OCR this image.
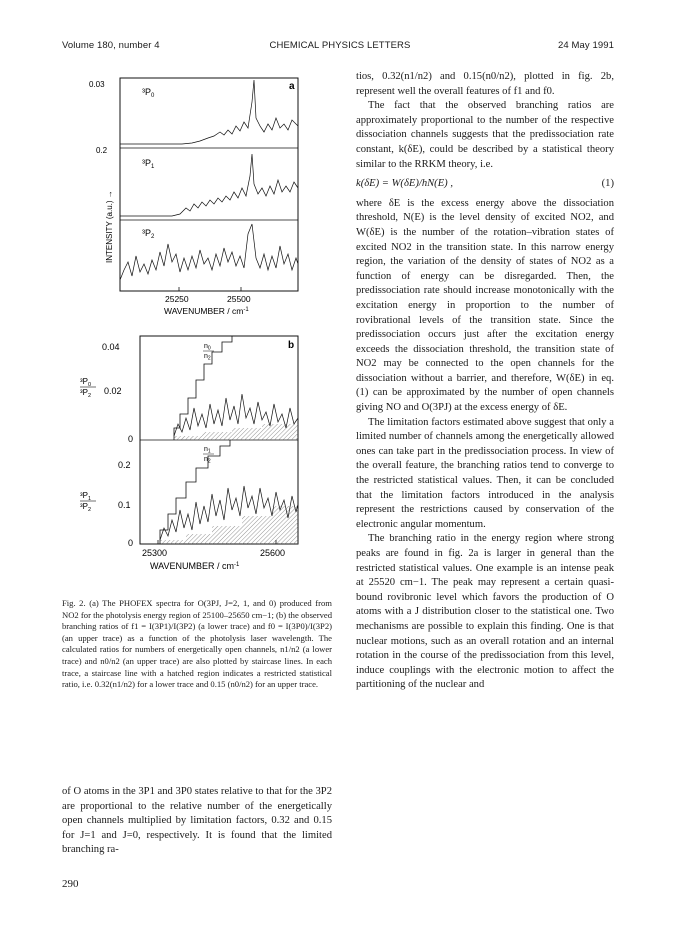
Volume 180, number 4	CHEMICAL PHYSICS LETTERS	24 May 1991
0.03
0.2
a
$^3P_0$
$^3P_1$
$^3P_2$
25250	25500
WAVENUMBER / $cm^{-1}$
INTENSITY (a.u.) →
0.04
0.02
0
0.2
0.1
0
b
$^3P_0$
$^3P_2$
$^3P_1$
$^3P_2$
$n_0$
$n_2$
$n_1$
$n_2$
25300	25600
WAVENUMBER / $cm^{-1}$
Fig. 2. (a) The PHOFEX spectra for O(3PJ, J=2, 1, and 0) produced from NO2 for the photolysis energy region of 25100–25650 cm−1; (b) the observed branching ratios of f1 = I(3P1)/I(3P2) (a lower trace) and f0 = I(3P0)/I(3P2) (an upper trace) as a function of the photolysis laser wavelength. The calculated ratios for numbers of energetically open channels, n1/n2 (a lower trace) and n0/n2 (an upper trace) are also plotted by staircase lines. In each trace, a staircase line with a hatched region indicates a restricted statistical ratio, i.e. 0.32(n1/n2) for a lower trace and 0.15 (n0/n2) for an upper trace.

of O atoms in the 3P1 and 3P0 states relative to that for the 3P2 are proportional to the relative number of the energetically open channels multiplied by limitation factors, 0.32 and 0.15 for J=1 and J=0, respectively. It is found that the limited branching ra-

tios, 0.32(n1/n2) and 0.15(n0/n2), plotted in fig. 2b, represent well the overall features of f1 and f0.

The fact that the observed branching ratios are approximately proportional to the number of the respective dissociation channels suggests that the predissociation rate constant, k(δE), could be described by a statistical theory similar to the RRKM theory, i.e.

k(δE) = W(δE)/hN(E) ,	(1)

where δE is the excess energy above the dissociation threshold, N(E) is the level density of excited NO2, and W(δE) is the number of the rotation–vibration states of excited NO2 in the transition state. In this narrow energy region, the variation of the density of states of NO2 as a function of energy can be disregarded. Then, the predissociation rate should increase monotonically with the excitation energy in proportion to the number of rovibrational levels of the transition state. Since the predissociation occurs just after the excitation energy exceeds the dissociation threshold, the transition state of NO2 may be connected to the open channels for the dissociation without a barrier, and therefore, W(δE) in eq. (1) can be approximated by the number of open channels giving NO and O(3PJ) at the excess energy of δE.

The limitation factors estimated above suggest that only a limited number of channels among the energetically allowed ones can take part in the predissociation process. In view of the overall feature, the branching ratios tend to converge to the restricted statistical values. Then, it can be concluded that the limitation factors introduced in the analysis represent the restrictions caused by conservation of the electronic angular momentum.

The branching ratio in the energy region where strong peaks are found in fig. 2a is larger in general than the restricted statistical values. One example is an intense peak at 25520 cm−1. The peak may represent a certain quasi-bound rovibronic level which favors the production of O atoms with a J distribution closer to the statistical one. Two mechanisms are possible to explain this finding. One is that nuclear motions, such as an overall rotation and an internal rotation in the course of the predissociation from this level, induce couplings with the electronic motion to affect the partitioning of the nuclear and

290
